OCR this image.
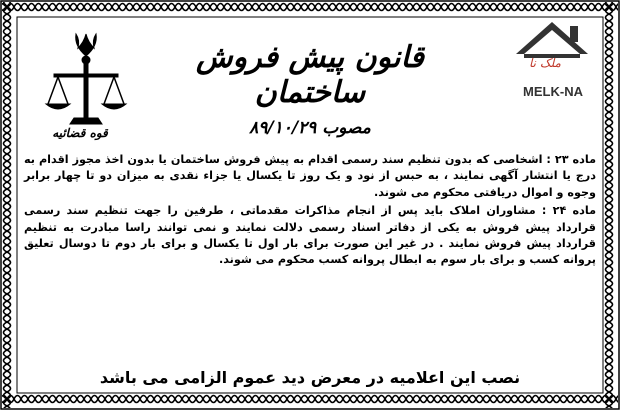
قوه قضائیه
ملک نا
MELK-NA
قانون پیش فروش ساختمان
مصوب ۸۹/۱۰/۲۹

ماده ۲۳ : اشخاصی که بدون تنظیم سند رسمی اقدام به پیش فروش ساختمان یا بدون اخذ مجوز اقدام به درج یا انتشار آگهی نمایند ، به حبس از نود و یک روز تا یکسال یا جزاء نقدی به میزان دو تا چهار برابر وجوه و اموال دریافتی محکوم می شوند.

ماده ۲۴ : مشاوران املاک باید پس از انجام مذاکرات مقدماتی ، طرفین را جهت تنظیم سند رسمی قرارداد پیش فروش به یکی از دفاتر اسناد رسمی دلالت نمایند و نمی توانند راسا مبادرت به تنظیم قرارداد پیش فروش نمایند . در غیر این صورت برای بار اول تا یکسال و برای بار دوم تا دوسال تعلیق پروانه کسب و برای بار سوم به ابطال پروانه کسب محکوم می شوند.

نصب این اعلامیه در معرض دید عموم الزامی می باشد
